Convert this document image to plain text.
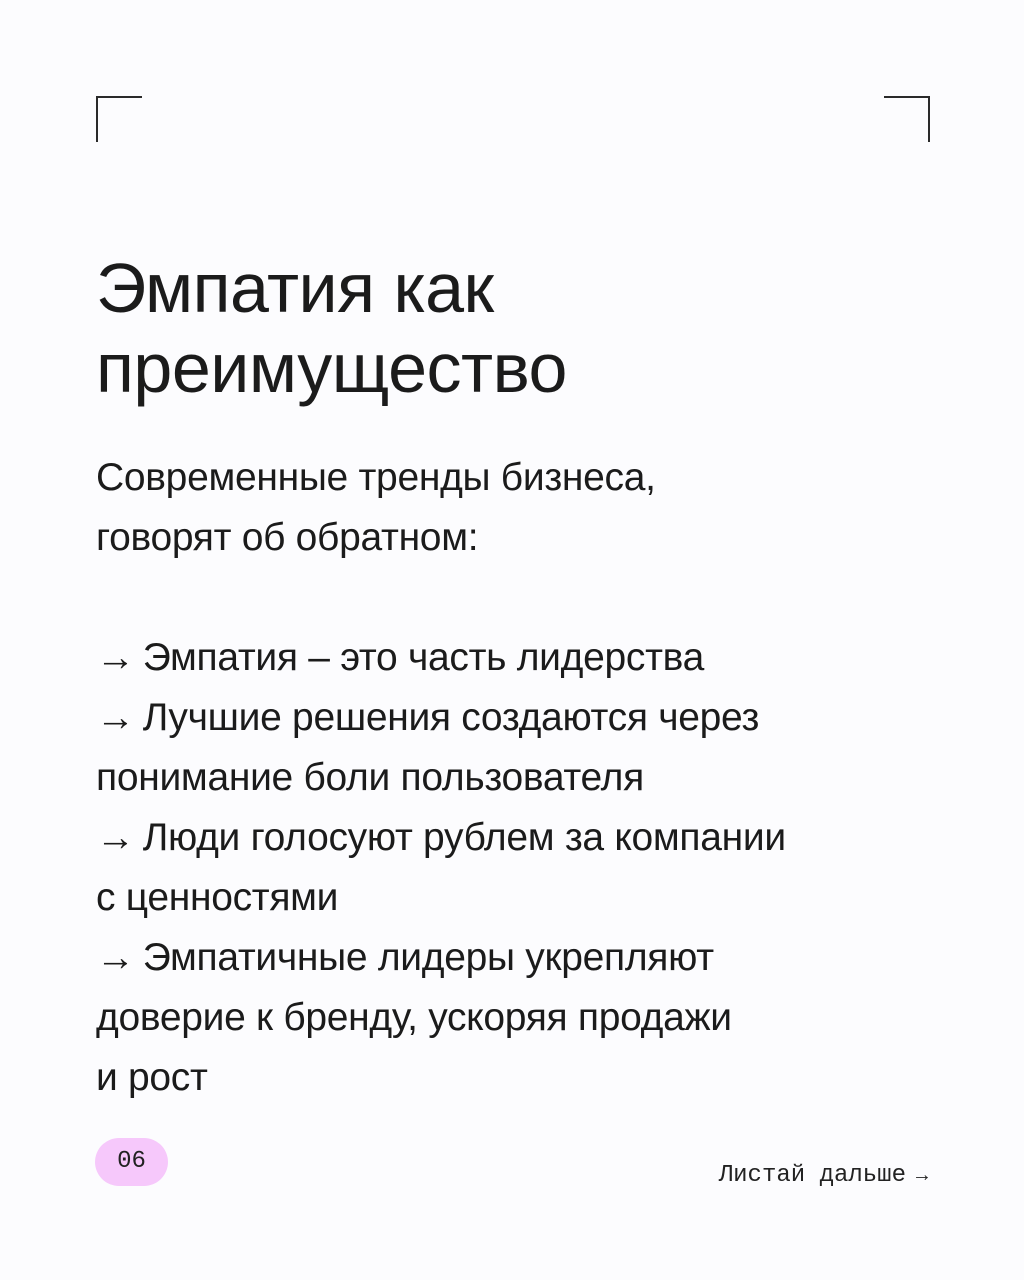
Эмпатия как
преимущество
Современные тренды бизнеса,
говорят об обратном:
→ Эмпатия – это часть лидерства
→ Лучшие решения создаются через
понимание боли пользователя
→ Люди голосуют рублем за компании
с ценностями
→ Эмпатичные лидеры укрепляют
доверие к бренду, ускоряя продажи
и рост
06
Листай дальше →
